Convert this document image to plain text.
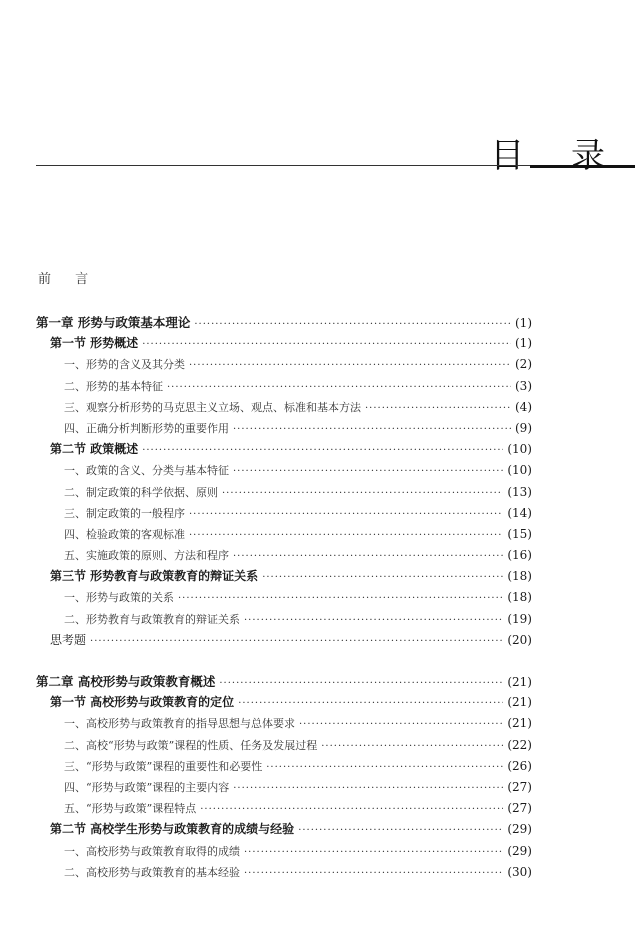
目 录
前 言
第一章 形势与政策基本理论 ·····	(1)
第一节 形势概述 ·····	(1)
一、形势的含义及其分类 ·····	(2)
二、形势的基本特征 ·····	(3)
三、观察分析形势的马克思主义立场、观点、标准和基本方法 ·····	(4)
四、正确分析判断形势的重要作用 ·····	(9)
第二节 政策概述 ·····	(10)
一、政策的含义、分类与基本特征 ·····	(10)
二、制定政策的科学依据、原则 ·····	(13)
三、制定政策的一般程序 ·····	(14)
四、检验政策的客观标准 ·····	(15)
五、实施政策的原则、方法和程序 ·····	(16)
第三节 形势教育与政策教育的辩证关系 ·····	(18)
一、形势与政策的关系 ·····	(18)
二、形势教育与政策教育的辩证关系 ·····	(19)
思考题 ·····	(20)
第二章 高校形势与政策教育概述 ·····	(21)
第一节 高校形势与政策教育的定位 ·····	(21)
一、高校形势与政策教育的指导思想与总体要求 ·····	(21)
二、高校“形势与政策”课程的性质、任务及发展过程 ·····	(22)
三、“形势与政策”课程的重要性和必要性 ·····	(26)
四、“形势与政策”课程的主要内容 ·····	(27)
五、“形势与政策”课程特点 ·····	(27)
第二节 高校学生形势与政策教育的成绩与经验 ·····	(29)
一、高校形势与政策教育取得的成绩 ·····	(29)
二、高校形势与政策教育的基本经验 ·····	(30)
